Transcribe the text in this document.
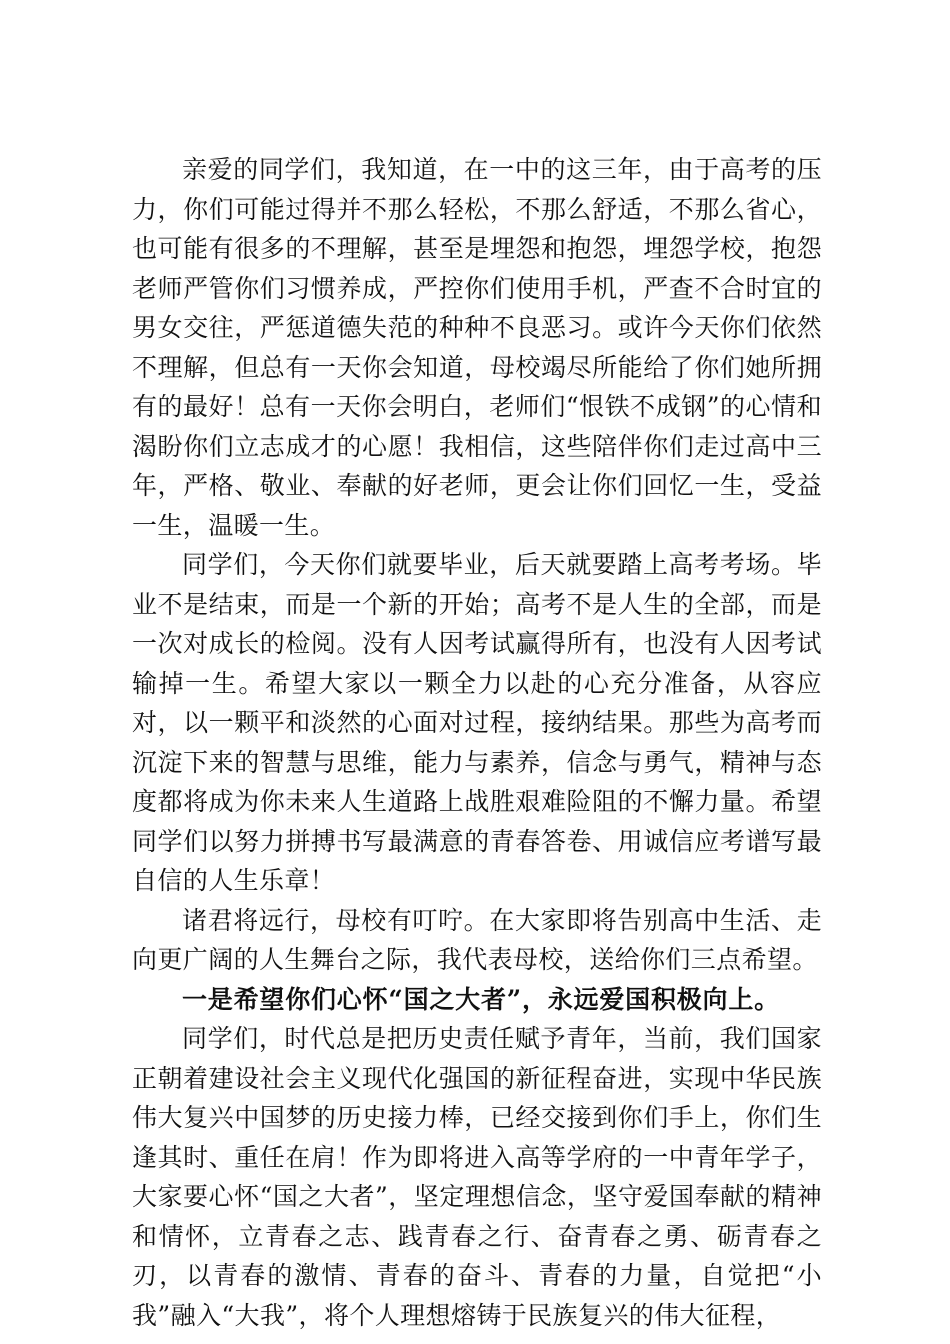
亲爱的同学们，我知道，在一中的这三年，由于高考的压力，你们可能过得并不那么轻松，不那么舒适，不那么省心，也可能有很多的不理解，甚至是埋怨和抱怨，埋怨学校，抱怨老师严管你们习惯养成，严控你们使用手机，严查不合时宜的男女交往，严惩道德失范的种种不良恶习。或许今天你们依然不理解，但总有一天你会知道，母校竭尽所能给了你们她所拥有的最好！总有一天你会明白，老师们“恨铁不成钢”的心情和渴盼你们立志成才的心愿！我相信，这些陪伴你们走过高中三年，严格、敬业、奉献的好老师，更会让你们回忆一生，受益一生，温暖一生。

同学们，今天你们就要毕业，后天就要踏上高考考场。毕业不是结束，而是一个新的开始；高考不是人生的全部，而是一次对成长的检阅。没有人因考试赢得所有，也没有人因考试输掉一生。希望大家以一颗全力以赴的心充分准备，从容应对，以一颗平和淡然的心面对过程，接纳结果。那些为高考而沉淀下来的智慧与思维，能力与素养，信念与勇气，精神与态度都将成为你未来人生道路上战胜艰难险阻的不懈力量。希望同学们以努力拼搏书写最满意的青春答卷、用诚信应考谱写最自信的人生乐章！

诸君将远行，母校有叮咛。在大家即将告别高中生活、走向更广阔的人生舞台之际，我代表母校，送给你们三点希望。

一是希望你们心怀“国之大者”，永远爱国积极向上。

同学们，时代总是把历史责任赋予青年，当前，我们国家正朝着建设社会主义现代化强国的新征程奋进，实现中华民族伟大复兴中国梦的历史接力棒，已经交接到你们手上，你们生逢其时、重任在肩！作为即将进入高等学府的一中青年学子，大家要心怀“国之大者”，坚定理想信念，坚守爱国奉献的精神和情怀，立青春之志、践青春之行、奋青春之勇、砺青春之刃，以青春的激情、青春的奋斗、青春的力量，自觉把“小我”融入“大我”，将个人理想熔铸于民族复兴的伟大征程，
